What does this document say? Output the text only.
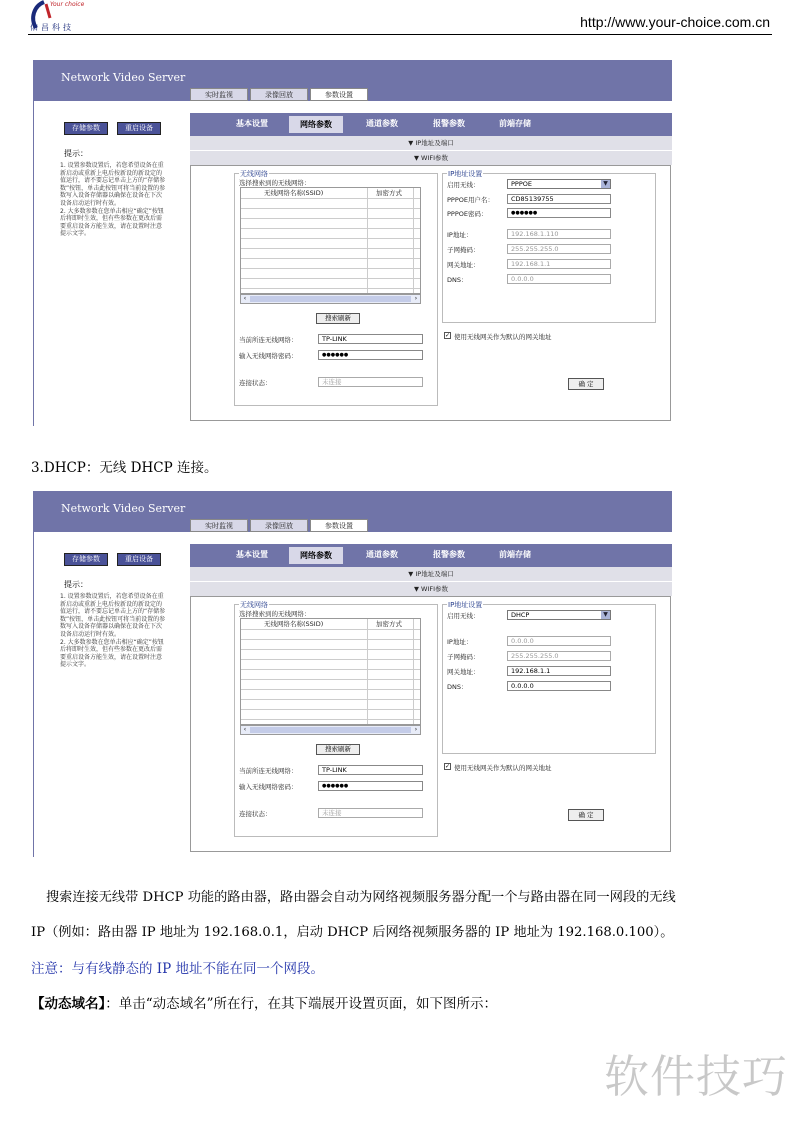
Your choice
佑昌科技	http://www.your-choice.com.cn
Network Video Server
实时监视	录像回放	参数设置
存储参数	重启设备
提示：
1. 设置参数设置后，若您希望设备在重新启动或重新上电后按新设的新设定的值运行，请不要忘记单击上方的“存储参数”按钮，单击此按钮可将当前设置的参数写入设备存储器以确保在设备在下次设备启动运行时有效。
2. 大多数参数在您单击相应“确定”按钮后将即时生效，但有些参数在更改后需要重启设备方能生效，请在设置时注意提示文字。
基本设置	网络参数	通道参数	报警参数	前端存储
▼ IP地址及端口
▼ WIFI参数
无线网络
选择搜索到的无线网络：
无线网络名称(SSID)	加密方式
‹	›
搜索刷新
当前所连无线网络：	TP-LINK
输入无线网络密码：	●●●●●●
连接状态：	未连接
IP地址设置
启用无线：	PPPOE	▼
PPPOE用户名：	CD85139755
PPPOE密码：	●●●●●●
IP地址：	192.168.1.110
子网掩码：	255.255.255.0
网关地址：	192.168.1.1
DNS：	0.0.0.0
✓ 使用无线网关作为默认的网关地址
确 定
3.DHCP：无线 DHCP 连接。
Network Video Server
实时监视	录像回放	参数设置
存储参数	重启设备
提示：
1. 设置参数设置后，若您希望设备在重新启动或重新上电后按新设的新设定的值运行，请不要忘记单击上方的“存储参数”按钮，单击此按钮可将当前设置的参数写入设备存储器以确保在设备在下次设备启动运行时有效。
2. 大多数参数在您单击相应“确定”按钮后将即时生效，但有些参数在更改后需要重启设备方能生效，请在设置时注意提示文字。
基本设置	网络参数	通道参数	报警参数	前端存储
▼ IP地址及端口
▼ WIFI参数
无线网络
选择搜索到的无线网络：
无线网络名称(SSID)	加密方式
‹	›
搜索刷新
当前所连无线网络：	TP-LINK
输入无线网络密码：	●●●●●●
连接状态：	未连接
IP地址设置
启用无线：	DHCP	▼
IP地址：	0.0.0.0
子网掩码：	255.255.255.0
网关地址：	192.168.1.1
DNS：	0.0.0.0
✓ 使用无线网关作为默认的网关地址
确 定
搜索连接无线带 DHCP 功能的路由器，路由器会自动为网络视频服务器分配一个与路由器在同一网段的无线
IP（例如：路由器 IP 地址为 192.168.0.1，启动 DHCP 后网络视频服务器的 IP 地址为 192.168.0.100）。
注意：与有线静态的 IP 地址不能在同一个网段。
【动态域名】：单击“动态域名”所在行，在其下端展开设置页面，如下图所示：
软件技巧
